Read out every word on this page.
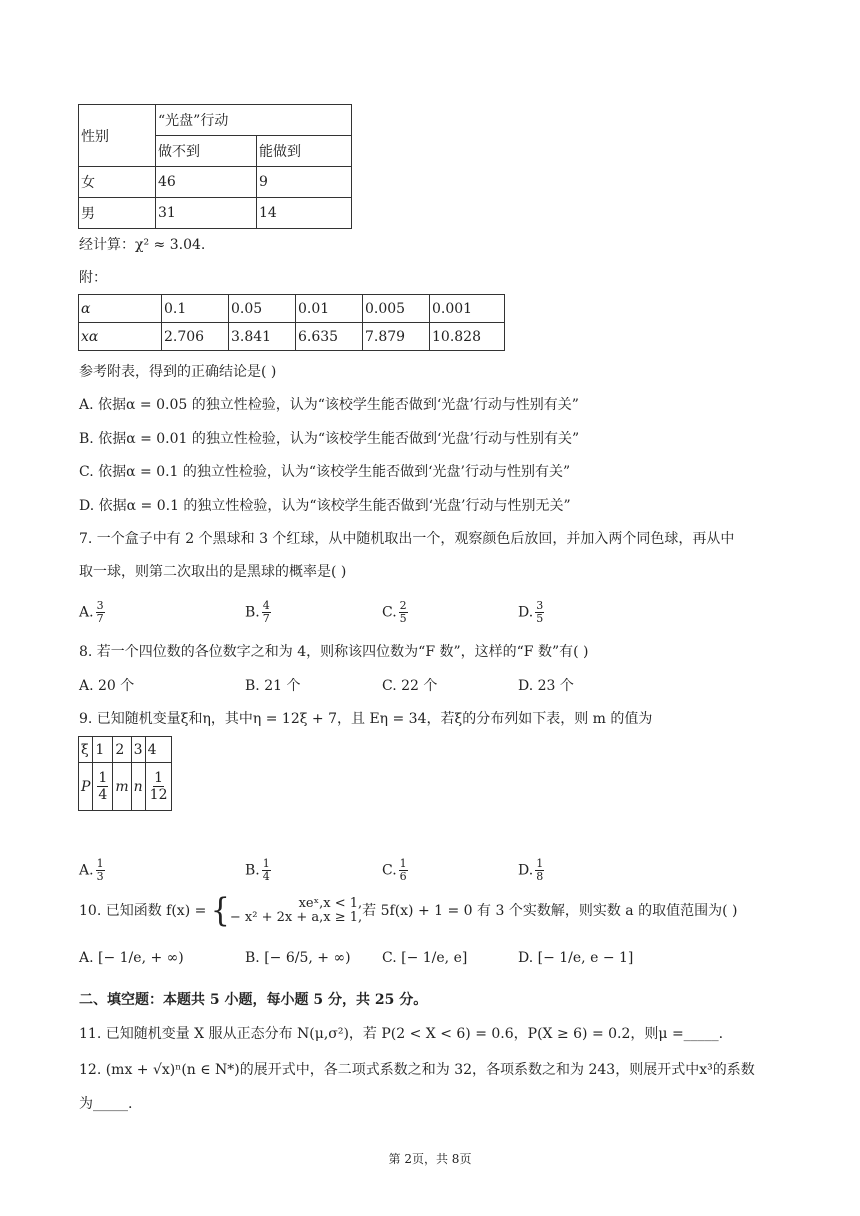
性别	“光盘”行动	
	做不到	能做到
女	46	9
男	31	14
经计算：χ² ≈ 3.04.
附：
α	0.1	0.05	0.01	0.005	0.001
xα	2.706	3.841	6.635	7.879	10.828
参考附表，得到的正确结论是( )
A. 依据α = 0.05 的独立性检验，认为“该校学生能否做到‘光盘’行动与性别有关”
B. 依据α = 0.01 的独立性检验，认为“该校学生能否做到‘光盘’行动与性别有关”
C. 依据α = 0.1 的独立性检验，认为“该校学生能否做到‘光盘’行动与性别有关”
D. 依据α = 0.1 的独立性检验，认为“该校学生能否做到‘光盘’行动与性别无关”
7. 一个盒子中有 2 个黑球和 3 个红球，从中随机取出一个，观察颜色后放回，并加入两个同色球，再从中
取一球，则第二次取出的是黑球的概率是( )
A. $\frac{3}{7}$	B. $\frac{4}{7}$	C. $\frac{2}{5}$	D. $\frac{3}{5}$
8. 若一个四位数的各位数字之和为 4，则称该四位数为“F 数”，这样的“F 数”有( )
A. 20 个	B. 21 个	C. 22 个	D. 23 个
9. 已知随机变量ξ和η，其中η = 12ξ + 7，且 Eη = 34，若ξ的分布列如下表，则 m 的值为
ξ	1	2	3	4
P	$\frac{1}{4}$	m	n	$\frac{1}{12}$
A. $\frac{1}{3}$	B. $\frac{1}{4}$	C. $\frac{1}{6}$	D. $\frac{1}{8}$
10. 已知函数 f(x) = {	xeˣ,x < 1,
− x² + 2x + a,x ≥ 1,若 5f(x) + 1 = 0 有 3 个实数解，则实数 a 的取值范围为( )
A. [− 1/e, + ∞)	B. [− 6/5, + ∞) C. [− 1/e, e]	D. [− 1/e, e − 1]
二、填空题：本题共 5 小题，每小题 5 分，共 25 分。
11. 已知随机变量 X 服从正态分布 N(μ,σ²)，若 P(2 < X < 6) = 0.6，P(X ≥ 6) = 0.2，则μ =_____.
12. (mx + √x)ⁿ(n ∈ N*)的展开式中，各二项式系数之和为 32，各项系数之和为 243，则展开式中x³的系数
为_____.
第 2页，共 8页
